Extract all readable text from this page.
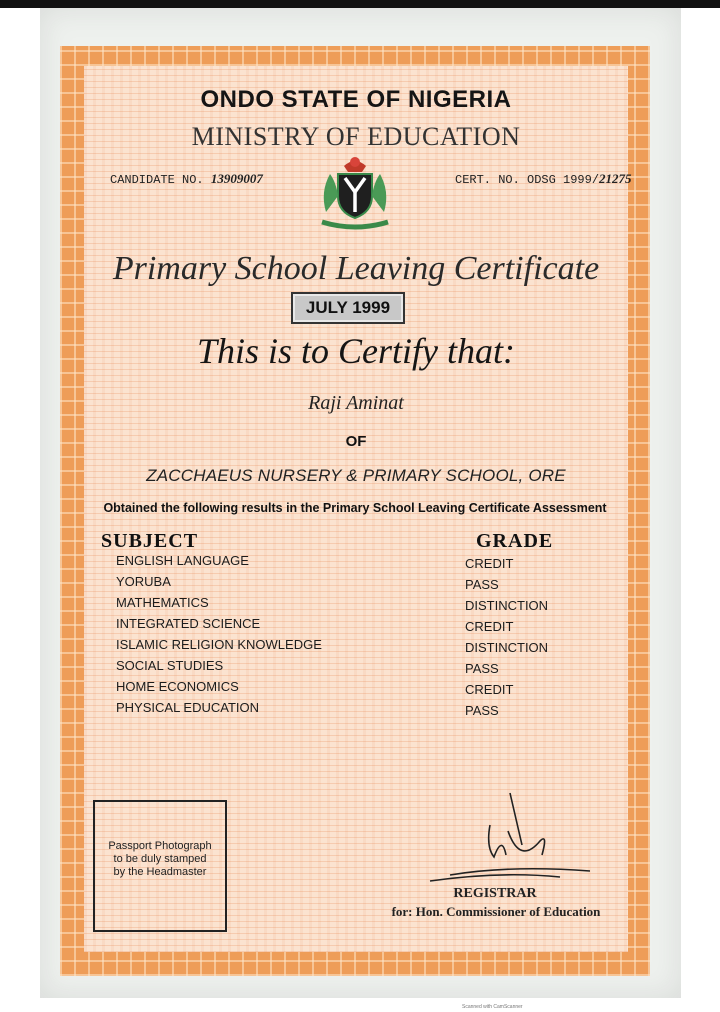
ONDO STATE OF NIGERIA
MINISTRY OF EDUCATION
CANDIDATE NO. 13909007	CERT. NO. ODSG 1999/21275
Primary School Leaving Certificate
JULY 1999
This is to Certify that:
Raji Aminat
OF
ZACCHAEUS NURSERY & PRIMARY SCHOOL, ORE
Obtained the following results in the Primary School Leaving Certificate Assessment
SUBJECT	GRADE
ENGLISH LANGUAGE	CREDIT
YORUBA	PASS
MATHEMATICS	DISTINCTION
INTEGRATED SCIENCE	CREDIT
ISLAMIC RELIGION KNOWLEDGE	DISTINCTION
SOCIAL STUDIES	PASS
HOME ECONOMICS	CREDIT
PHYSICAL EDUCATION	PASS
Passport Photograph
to be duly stamped
by the Headmaster
REGISTRAR
for: Hon. Commissioner of Education
Scanned with CamScanner
